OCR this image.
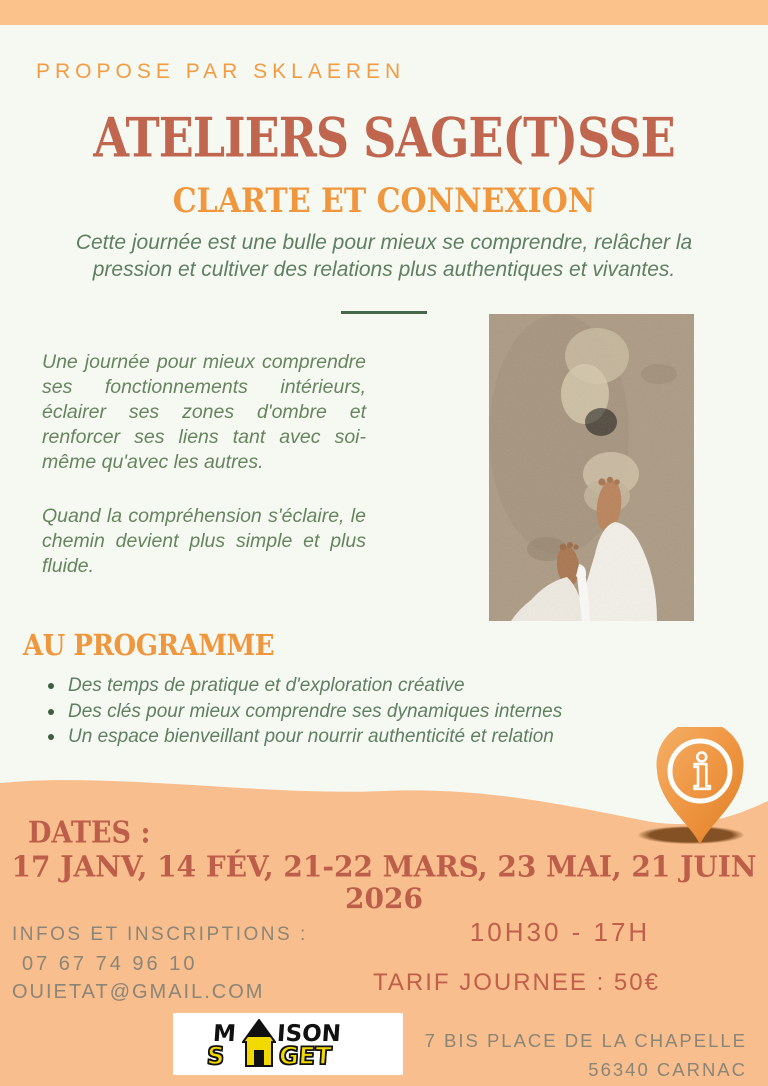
PROPOSE PAR SKLAEREN
ATELIERS SAGE(T)SSE
CLARTE ET CONNEXION
Cette journée est une bulle pour mieux se comprendre, relâcher la pression et cultiver des relations plus authentiques et vivantes.
Une journée pour mieux comprendre ses fonctionnements intérieurs, éclairer ses zones d'ombre et renforcer ses liens tant avec soi-même qu'avec les autres.
Quand la compréhension s'éclaire, le chemin devient plus simple et plus fluide.
AU PROGRAMME
Des temps de pratique et d'exploration créative
Des clés pour mieux comprendre ses dynamiques internes
Un espace bienveillant pour nourrir authenticité et relation
i
DATES :
17 JANV, 14 FÉV, 21-22 MARS, 23 MAI, 21 JUIN
2026
INFOS ET INSCRIPTIONS :
07 67 74 96 10
OUIETAT@GMAIL.COM
10H30 - 17H
TARIF JOURNEE : 50€
7 BIS PLACE DE LA CHAPELLE
56340 CARNAC
M ISON
S GET
